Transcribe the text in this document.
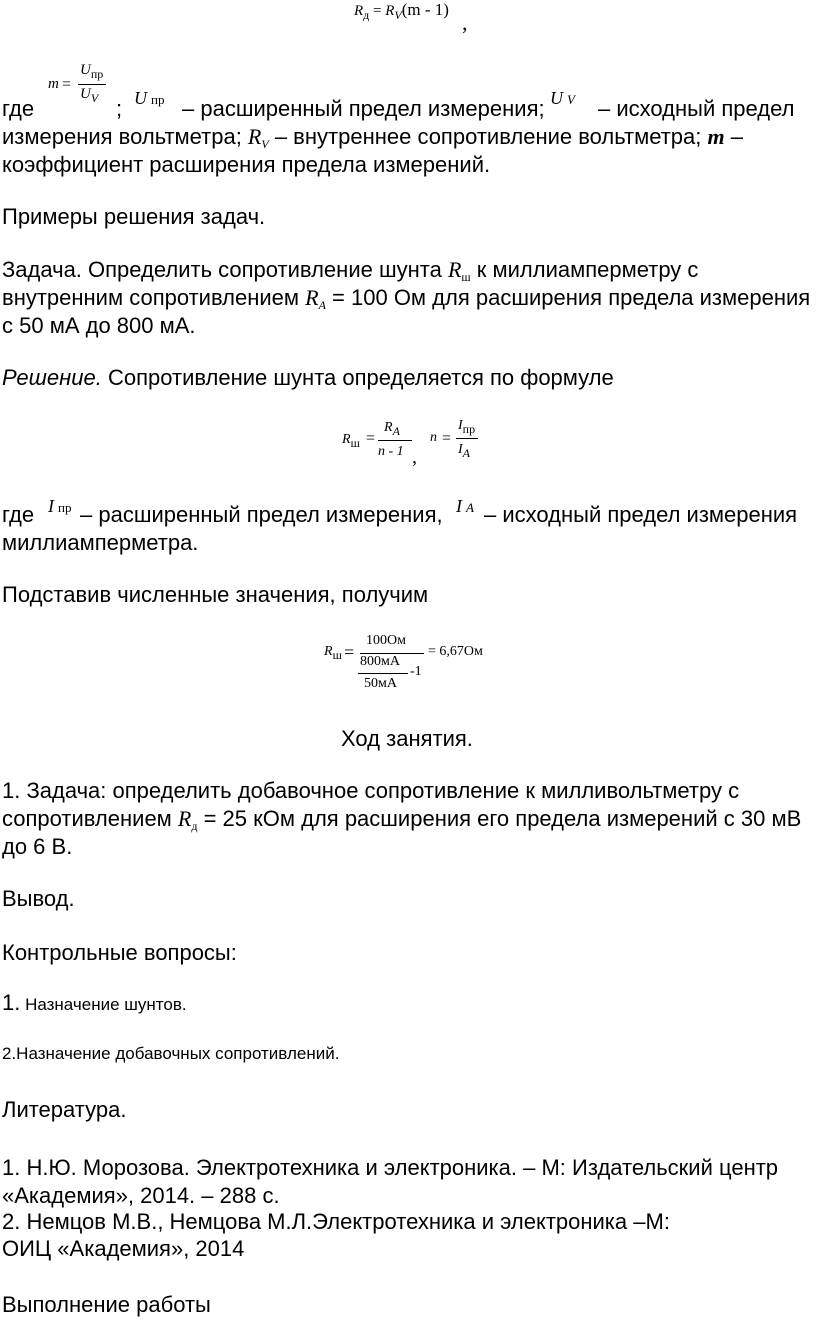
$R_д = R_V(m - 1)$
,
m =
$U_{пр}$
$U_V$
где	; U пр – расширенный предел измерения; U V – исходный предел
измерения вольтметра; RV – внутреннее сопротивление вольтметра; m –
коэффициент расширения предела измерений.
Примеры решения задач.
Задача. Определить сопротивление шунта Rш к миллиамперметру с
внутренним сопротивлением RA = 100 Ом для расширения предела измерения
с 50 мА до 800 мА.
Решение. Сопротивление шунта определяется по формуле
Rш =
RA
n - 1 ,
n =
Iпр
IA
где I пр – расширенный предел измерения, I A – исходный предел измерения
миллиамперметра.
Подставив численные значения, получим
Rш =
100Ом
800мА
50мА
-1
= 6,67Ом
Ход занятия.
1. Задача: определить добавочное сопротивление к милливольтметру с
сопротивлением Rд = 25 кОм для расширения его предела измерений с 30 мВ
до 6 В.
Вывод.
Контрольные вопросы:
1. Назначение шунтов.
2.Назначение добавочных сопротивлений.
Литература.
1. Н.Ю. Морозова. Электротехника и электроника. – М: Издательский центр
«Академия», 2014. – 288 с.
2. Немцов М.В., Немцова М.Л.Электротехника и электроника –М:
ОИЦ «Академия», 2014
Выполнение работы
